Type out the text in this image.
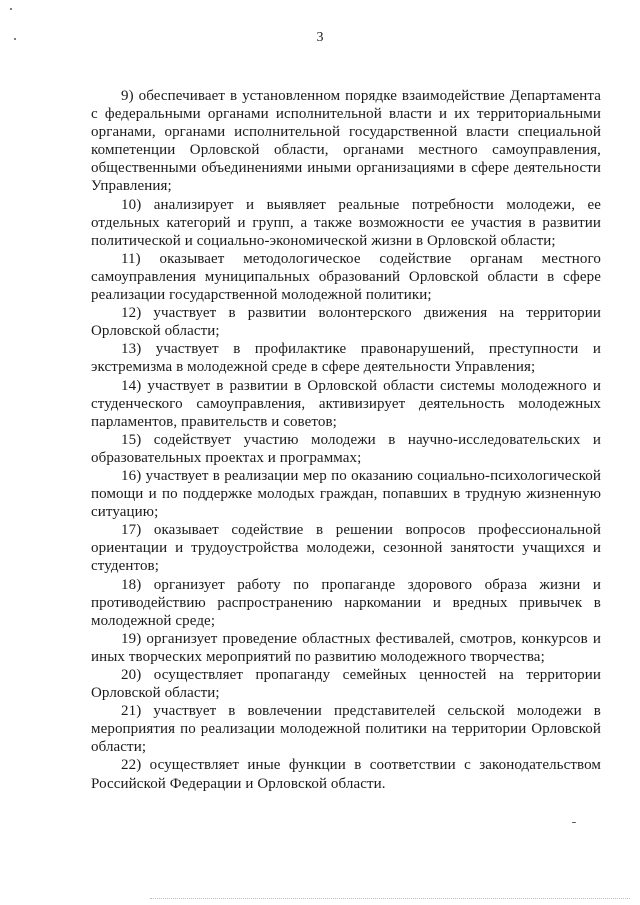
3

9) обеспечивает в установленном порядке взаимодействие Департамента с федеральными органами исполнительной власти и их территориальными органами, органами исполнительной государственной власти специальной компетенции Орловской области, органами местного самоуправления, общественными объединениями иными организациями в сфере деятельности Управления;

10) анализирует и выявляет реальные потребности молодежи, ее отдельных категорий и групп, а также возможности ее участия в развитии политической и социально-экономической жизни в Орловской области;

11) оказывает методологическое содействие органам местного самоуправления муниципальных образований Орловской области в сфере реализации государственной молодежной политики;

12) участвует в развитии волонтерского движения на территории Орловской области;

13) участвует в профилактике правонарушений, преступности и экстремизма в молодежной среде в сфере деятельности Управления;

14) участвует в развитии в Орловской области системы молодежного и студенческого самоуправления, активизирует деятельность молодежных парламентов, правительств и советов;

15) содействует участию молодежи в научно-исследовательских и образовательных проектах и программах;

16) участвует в реализации мер по оказанию социально-психологической помощи и по поддержке молодых граждан, попавших в трудную жизненную ситуацию;

17) оказывает содействие в решении вопросов профессиональной ориентации и трудоустройства молодежи, сезонной занятости учащихся и студентов;

18) организует работу по пропаганде здорового образа жизни и противодействию распространению наркомании и вредных привычек в молодежной среде;

19) организует проведение областных фестивалей, смотров, конкурсов и иных творческих мероприятий по развитию молодежного творчества;

20) осуществляет пропаганду семейных ценностей на территории Орловской области;

21) участвует в вовлечении представителей сельской молодежи в мероприятия по реализации молодежной политики на территории Орловской области;

22) осуществляет иные функции в соответствии с законодательством Российской Федерации и Орловской области.
